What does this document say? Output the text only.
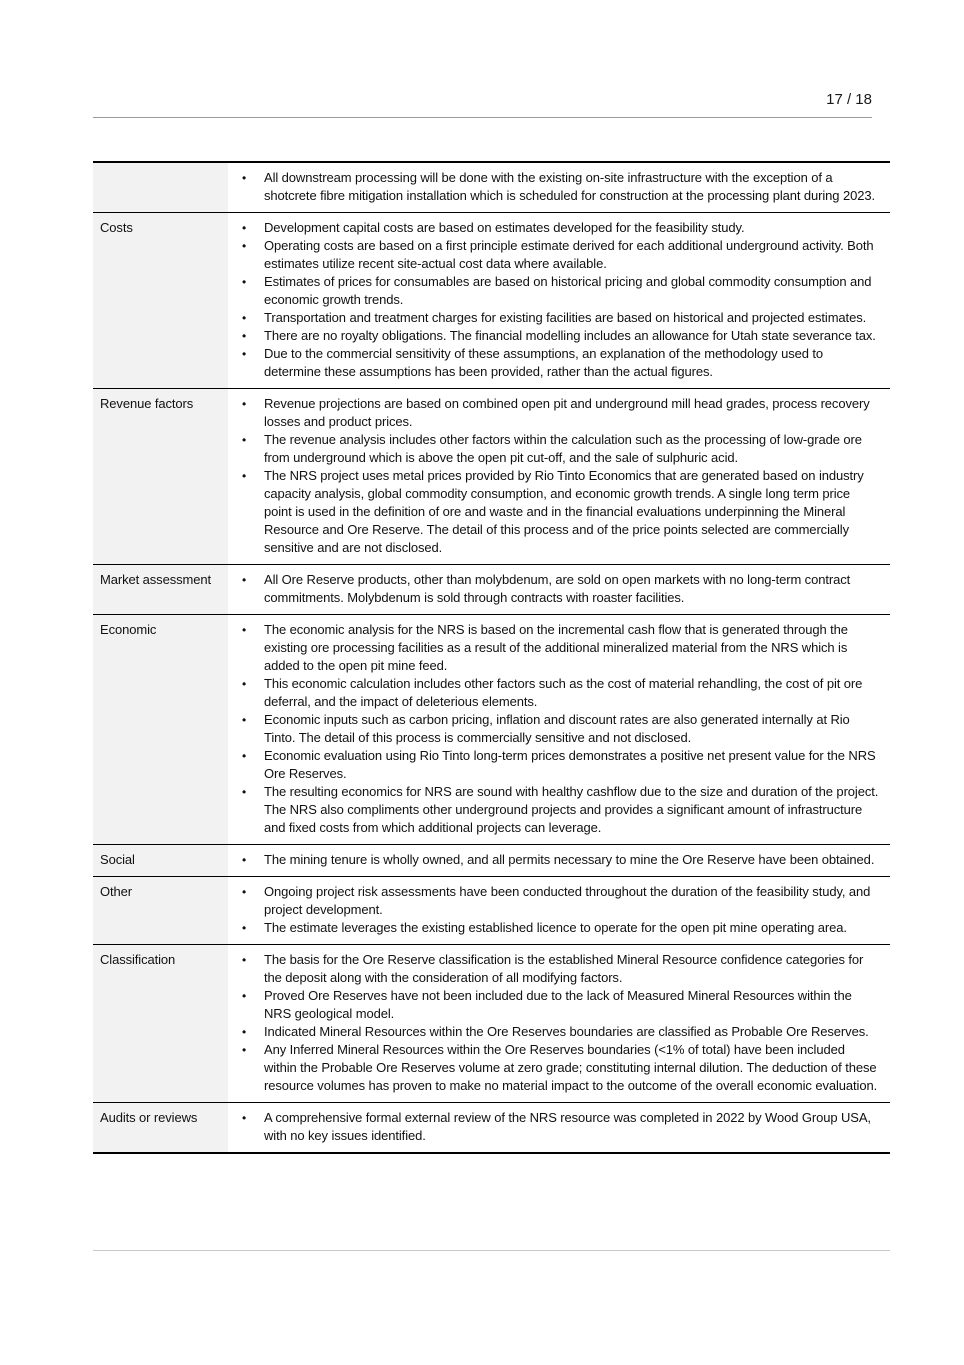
17 / 18
•	All downstream processing will be done with the existing on-site infrastructure with the exception of a shotcrete fibre mitigation installation which is scheduled for construction at the processing plant during 2023.
Costs	•	Development capital costs are based on estimates developed for the feasibility study.
•	Operating costs are based on a first principle estimate derived for each additional underground activity. Both estimates utilize recent site-actual cost data where available.
•	Estimates of prices for consumables are based on historical pricing and global commodity consumption and economic growth trends.
•	Transportation and treatment charges for existing facilities are based on historical and projected estimates.
•	There are no royalty obligations. The financial modelling includes an allowance for Utah state severance tax.
•	Due to the commercial sensitivity of these assumptions, an explanation of the methodology used to determine these assumptions has been provided, rather than the actual figures.
Revenue factors	•	Revenue projections are based on combined open pit and underground mill head grades, process recovery losses and product prices.
•	The revenue analysis includes other factors within the calculation such as the processing of low-grade ore from underground which is above the open pit cut-off, and the sale of sulphuric acid.
•	The NRS project uses metal prices provided by Rio Tinto Economics that are generated based on industry capacity analysis, global commodity consumption, and economic growth trends. A single long term price point is used in the definition of ore and waste and in the financial evaluations underpinning the Mineral Resource and Ore Reserve. The detail of this process and of the price points selected are commercially sensitive and are not disclosed.
Market assessment	•	All Ore Reserve products, other than molybdenum, are sold on open markets with no long-term contract commitments. Molybdenum is sold through contracts with roaster facilities.
Economic	•	The economic analysis for the NRS is based on the incremental cash flow that is generated through the existing ore processing facilities as a result of the additional mineralized material from the NRS which is added to the open pit mine feed.
•	This economic calculation includes other factors such as the cost of material rehandling, the cost of pit ore deferral, and the impact of deleterious elements.
•	Economic inputs such as carbon pricing, inflation and discount rates are also generated internally at Rio Tinto. The detail of this process is commercially sensitive and not disclosed.
•	Economic evaluation using Rio Tinto long-term prices demonstrates a positive net present value for the NRS Ore Reserves.
•	The resulting economics for NRS are sound with healthy cashflow due to the size and duration of the project. The NRS also compliments other underground projects and provides a significant amount of infrastructure and fixed costs from which additional projects can leverage.
Social	•	The mining tenure is wholly owned, and all permits necessary to mine the Ore Reserve have been obtained.
Other	•	Ongoing project risk assessments have been conducted throughout the duration of the feasibility study, and project development.
•	The estimate leverages the existing established licence to operate for the open pit mine operating area.
Classification	•	The basis for the Ore Reserve classification is the established Mineral Resource confidence categories for the deposit along with the consideration of all modifying factors.
•	Proved Ore Reserves have not been included due to the lack of Measured Mineral Resources within the NRS geological model.
•	Indicated Mineral Resources within the Ore Reserves boundaries are classified as Probable Ore Reserves.
•	Any Inferred Mineral Resources within the Ore Reserves boundaries (<1% of total) have been included within the Probable Ore Reserves volume at zero grade; constituting internal dilution. The deduction of these resource volumes has proven to make no material impact to the outcome of the overall economic evaluation.
Audits or reviews	•	A comprehensive formal external review of the NRS resource was completed in 2022 by Wood Group USA, with no key issues identified.
